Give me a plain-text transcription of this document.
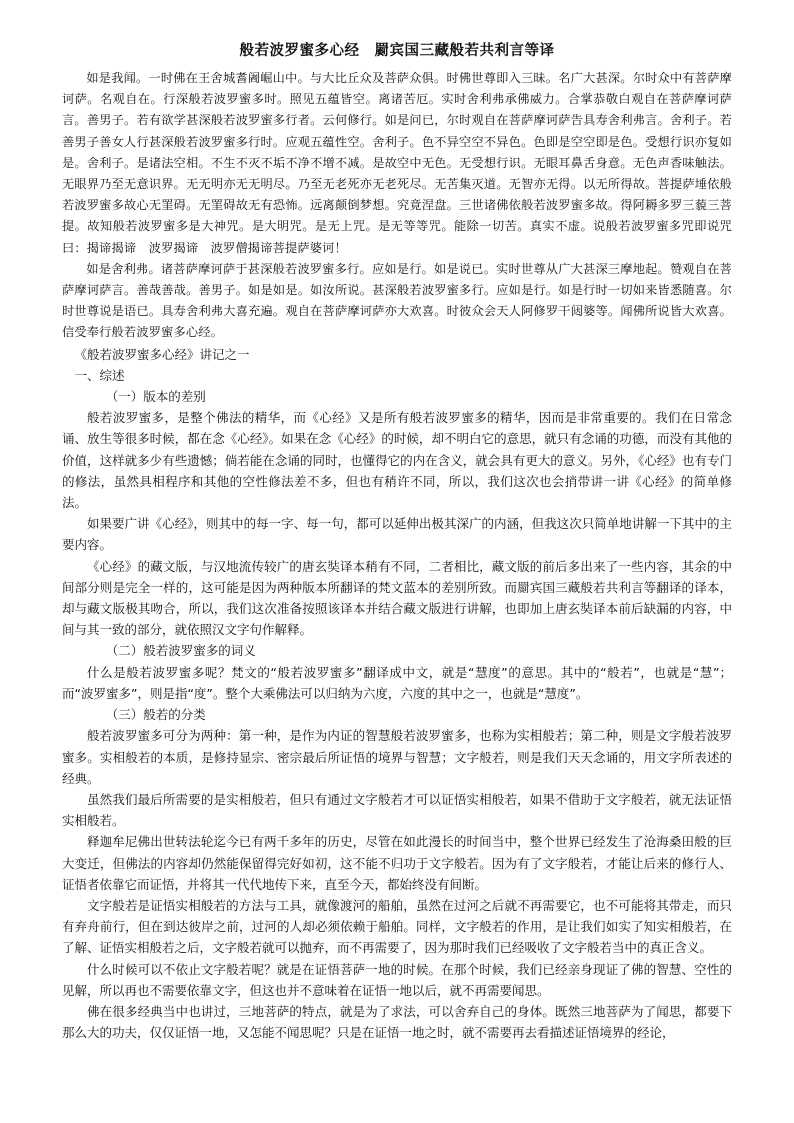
般若波罗蜜多心经　罽宾国三藏般若共利言等译

如是我闻。一时佛在王舍城耆阇崛山中。与大比丘众及菩萨众俱。时佛世尊即入三昧。名广大甚深。尔时众中有菩萨摩诃萨。名观自在。行深般若波罗蜜多时。照见五蕴皆空。离诸苦厄。实时舍利弗承佛威力。合掌恭敬白观自在菩萨摩诃萨言。善男子。若有欲学甚深般若波罗蜜多行者。云何修行。如是问已，尔时观自在菩萨摩诃萨告具寿舍利弗言。舍利子。若善男子善女人行甚深般若波罗蜜多行时。应观五蕴性空。舍利子。色不异空空不异色。色即是空空即是色。受想行识亦复如是。舍利子。是诸法空相。不生不灭不垢不净不增不减。是故空中无色。无受想行识。无眼耳鼻舌身意。无色声香味触法。无眼界乃至无意识界。无无明亦无无明尽。乃至无老死亦无老死尽。无苦集灭道。无智亦无得。以无所得故。菩提萨埵依般若波罗蜜多故心无罣碍。无罣碍故无有恐怖。远离颠倒梦想。究竟涅盘。三世诸佛依般若波罗蜜多故。得阿耨多罗三藐三菩提。故知般若波罗蜜多是大神咒。是大明咒。是无上咒。是无等等咒。能除一切苦。真实不虚。说般若波罗蜜多咒即说咒曰：揭谛揭谛　波罗揭谛　波罗僧揭谛菩提萨婆诃！

如是舍利弗。诸菩萨摩诃萨于甚深般若波罗蜜多行。应如是行。如是说已。实时世尊从广大甚深三摩地起。赞观自在菩萨摩诃萨言。善哉善哉。善男子。如是如是。如汝所说。甚深般若波罗蜜多行。应如是行。如是行时一切如来皆悉随喜。尔时世尊说是语已。具寿舍利弗大喜充遍。观自在菩萨摩诃萨亦大欢喜。时彼众会天人阿修罗干闼婆等。闻佛所说皆大欢喜。信受奉行般若波罗蜜多心经。

《般若波罗蜜多心经》讲记之一

一、综述

（一）版本的差别

般若波罗蜜多，是整个佛法的精华，而《心经》又是所有般若波罗蜜多的精华，因而是非常重要的。我们在日常念诵、放生等很多时候，都在念《心经》。如果在念《心经》的时候，却不明白它的意思，就只有念诵的功德，而没有其他的价值，这样就多少有些遗憾；倘若能在念诵的同时，也懂得它的内在含义，就会具有更大的意义。另外，《心经》也有专门的修法，虽然具相程序和其他的空性修法差不多，但也有稍许不同，所以，我们这次也会捎带讲一讲《心经》的简单修法。

如果要广讲《心经》，则其中的每一字、每一句，都可以延伸出极其深广的内涵，但我这次只简单地讲解一下其中的主要内容。

《心经》的藏文版，与汉地流传较广的唐玄奘译本稍有不同，二者相比，藏文版的前后多出来了一些内容，其余的中间部分则是完全一样的，这可能是因为两种版本所翻译的梵文蓝本的差别所致。而罽宾国三藏般若共利言等翻译的译本，却与藏文版极其吻合，所以，我们这次准备按照该译本并结合藏文版进行讲解，也即加上唐玄奘译本前后缺漏的内容，中间与其一致的部分，就依照汉文字句作解释。

（二）般若波罗蜜多的词义

什么是般若波罗蜜多呢？梵文的“般若波罗蜜多”翻译成中文，就是“慧度”的意思。其中的“般若”，也就是“慧”；而“波罗蜜多”，则是指“度”。整个大乘佛法可以归纳为六度，六度的其中之一，也就是“慧度”。

（三）般若的分类

般若波罗蜜多可分为两种：第一种，是作为内证的智慧般若波罗蜜多，也称为实相般若；第二种，则是文字般若波罗蜜多。实相般若的本质，是修持显宗、密宗最后所证悟的境界与智慧；文字般若，则是我们天天念诵的，用文字所表述的经典。

虽然我们最后所需要的是实相般若，但只有通过文字般若才可以证悟实相般若，如果不借助于文字般若，就无法证悟实相般若。

释迦牟尼佛出世转法轮迄今已有两千多年的历史，尽管在如此漫长的时间当中，整个世界已经发生了沧海桑田般的巨大变迁，但佛法的内容却仍然能保留得完好如初，这不能不归功于文字般若。因为有了文字般若，才能让后来的修行人、证悟者依靠它而证悟，并将其一代代地传下来，直至今天，都始终没有间断。

文字般若是证悟实相般若的方法与工具，就像渡河的船舶，虽然在过河之后就不再需要它，也不可能将其带走，而只有弃舟前行，但在到达彼岸之前，过河的人却必须依赖于船舶。同样，文字般若的作用，是让我们如实了知实相般若，在了解、证悟实相般若之后，文字般若就可以抛弃，而不再需要了，因为那时我们已经吸收了文字般若当中的真正含义。

什么时候可以不依止文字般若呢？就是在证悟菩萨一地的时候。在那个时候，我们已经亲身现证了佛的智慧、空性的见解，所以再也不需要依靠文字，但这也并不意味着在证悟一地以后，就不再需要闻思。

佛在很多经典当中也讲过，三地菩萨的特点，就是为了求法，可以舍弃自己的身体。既然三地菩萨为了闻思，都要下那么大的功夫，仅仅证悟一地，又怎能不闻思呢？只是在证悟一地之时，就不需要再去看描述证悟境界的经论，
